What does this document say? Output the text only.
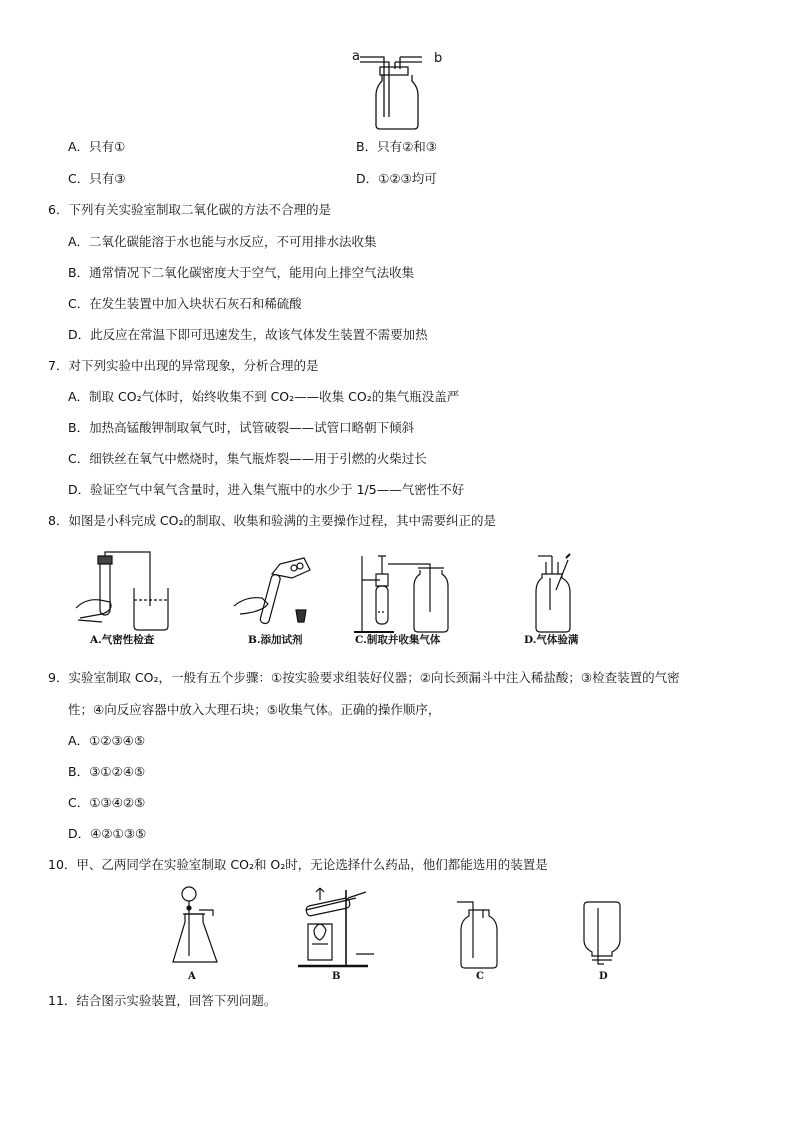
a	b
A．只有①	B．只有②和③
C．只有③	D．①②③均可
6．下列有关实验室制取二氧化碳的方法不合理的是
A．二氧化碳能溶于水也能与水反应，不可用排水法收集
B．通常情况下二氧化碳密度大于空气，能用向上排空气法收集
C．在发生装置中加入块状石灰石和稀硫酸
D．此反应在常温下即可迅速发生，故该气体发生装置不需要加热
7．对下列实验中出现的异常现象，分析合理的是
A．制取 CO₂气体时，始终收集不到 CO₂——收集 CO₂的集气瓶没盖严
B．加热高锰酸钾制取氧气时，试管破裂——试管口略朝下倾斜
C．细铁丝在氧气中燃烧时，集气瓶炸裂——用于引燃的火柴过长
D．验证空气中氧气含量时，进入集气瓶中的水少于 1/5——气密性不好
8．如图是小科完成 CO₂的制取、收集和验满的主要操作过程，其中需要纠正的是
A.气密性检查	B.添加试剂	C.制取并收集气体	D.气体验满
9．实验室制取 CO₂，一般有五个步骤：①按实验要求组装好仪器；②向长颈漏斗中注入稀盐酸；③检查装置的气密
性；④向反应容器中放入大理石块；⑤收集气体。正确的操作顺序，
A．①②③④⑤
B．③①②④⑤
C．①③④②⑤
D．④②①③⑤
10．甲、乙两同学在实验室制取 CO₂和 O₂时，无论选择什么药品，他们都能选用的装置是
A	B	C	D
11．结合图示实验装置，回答下列问题。
